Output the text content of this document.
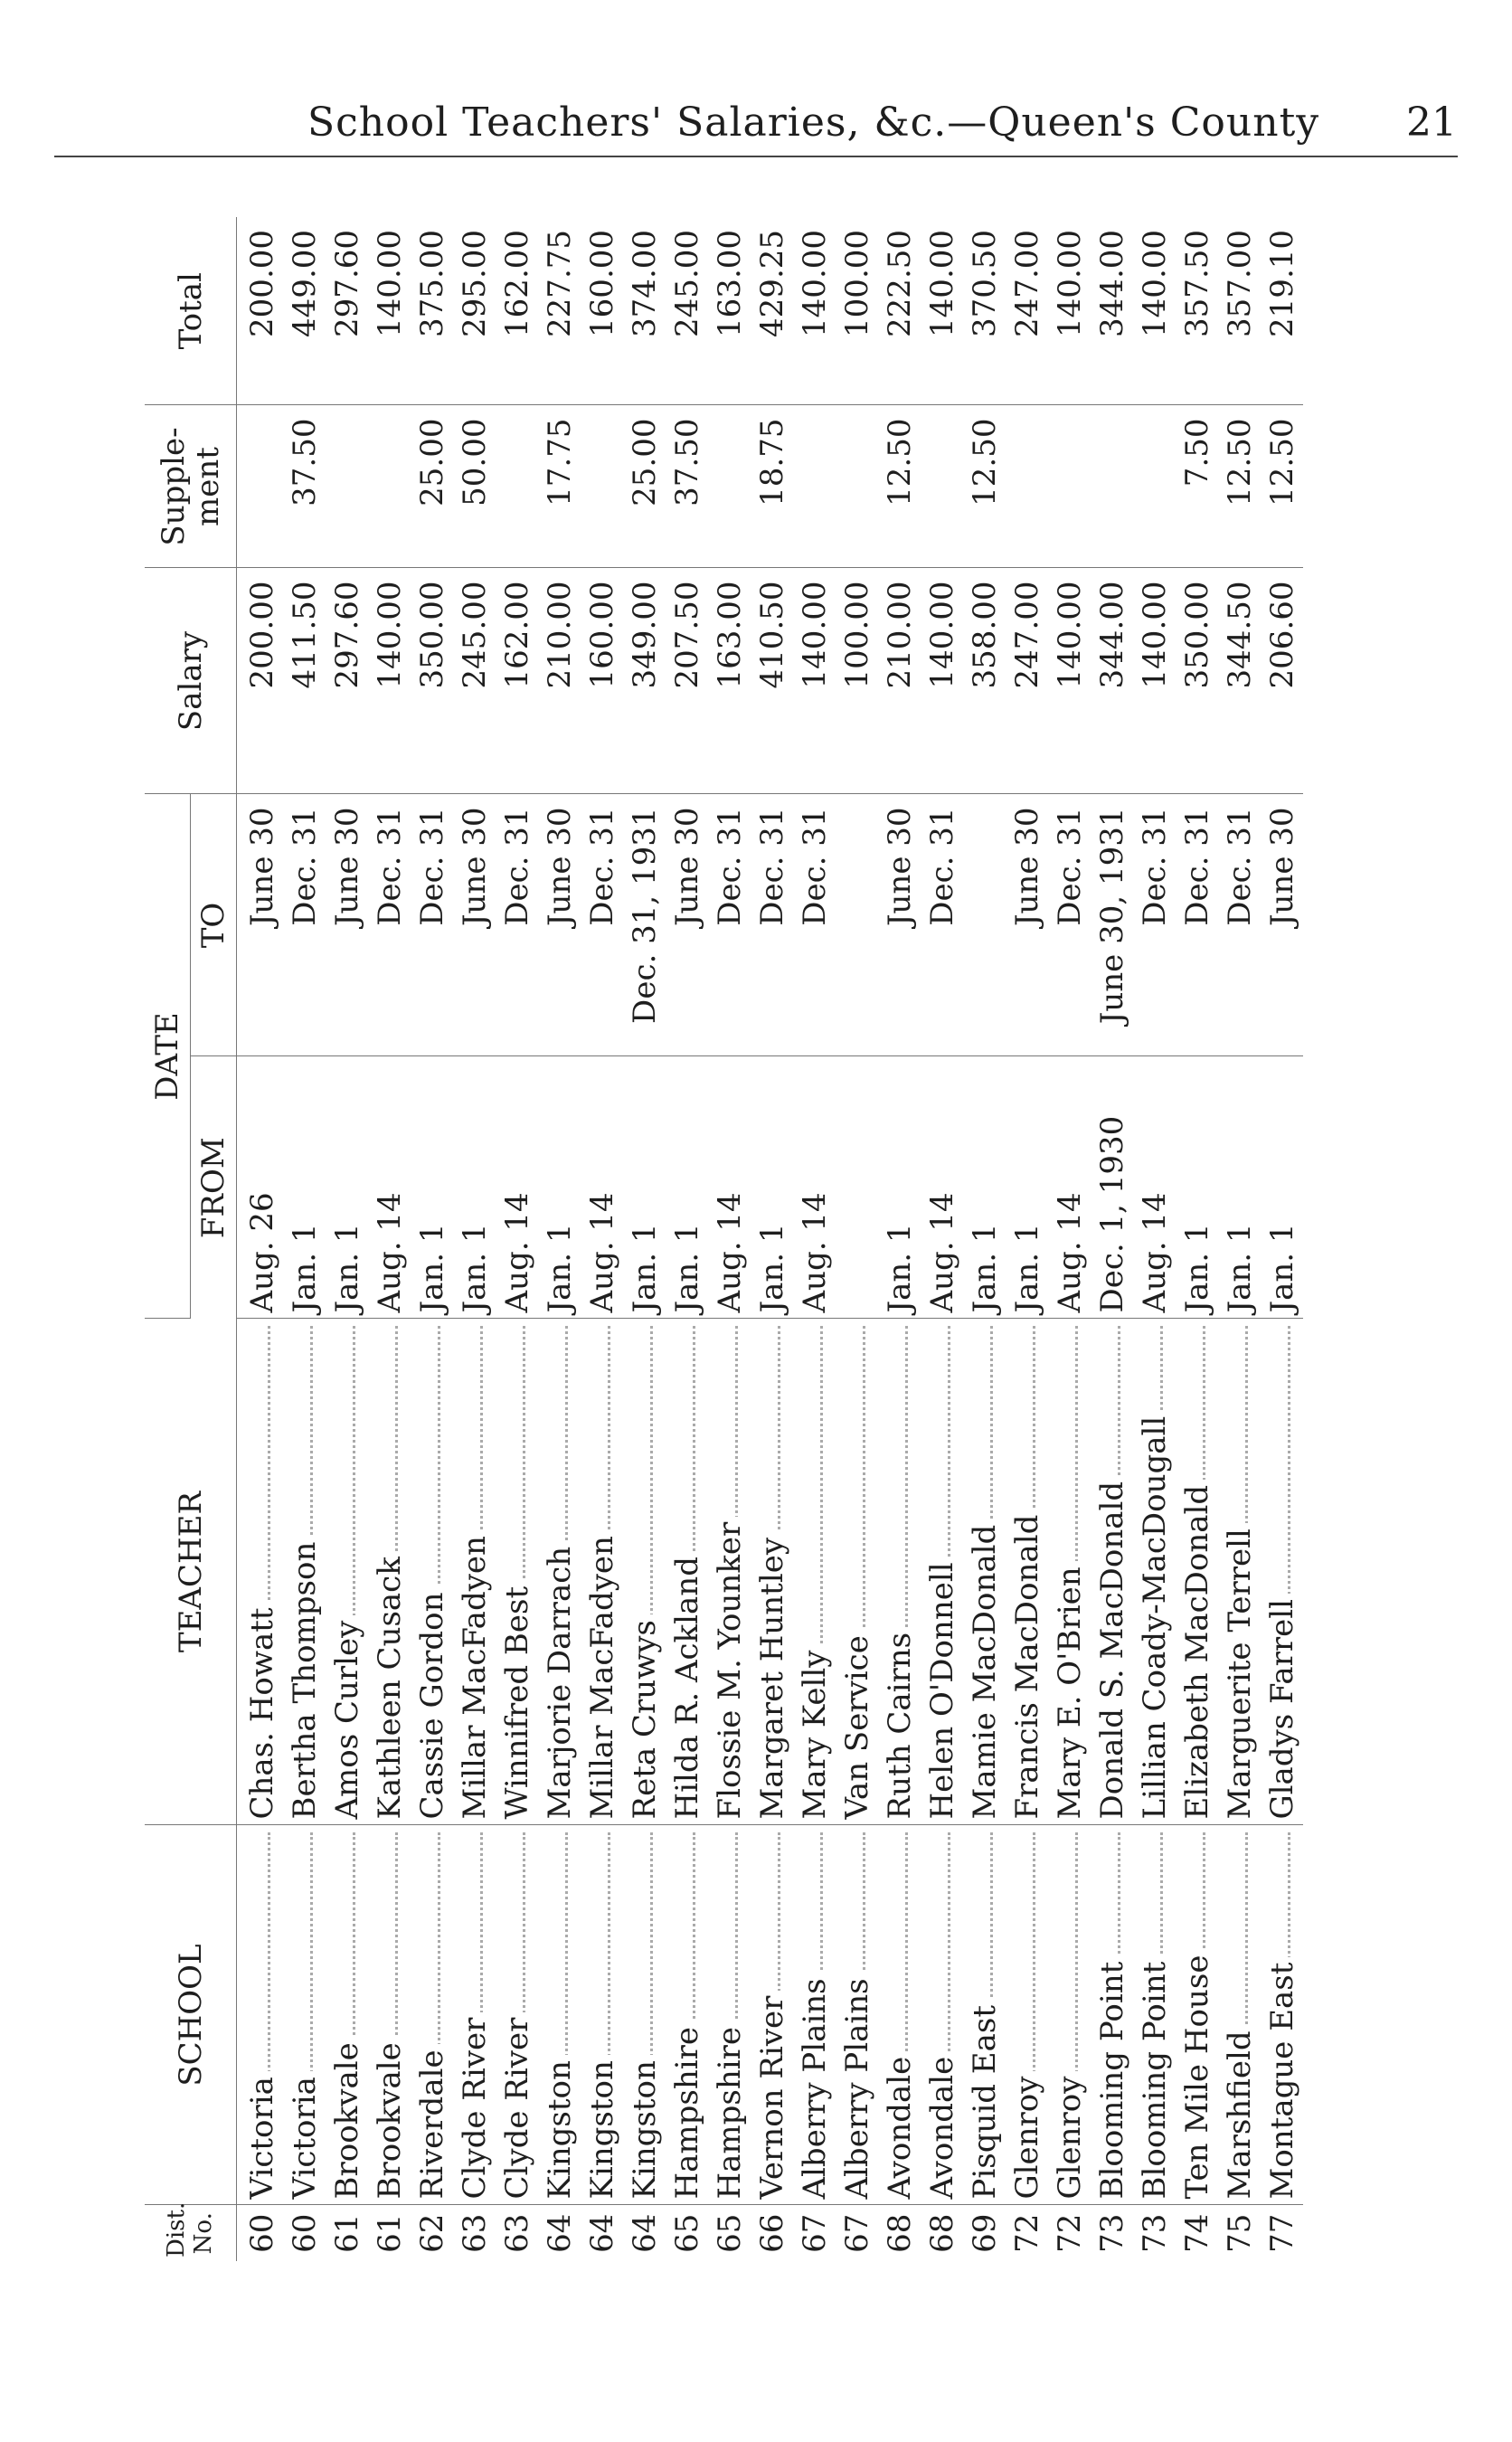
School Teachers' Salaries, &c.—Queen's County 21
Dist. No.	SCHOOL	TEACHER	DATE		Salary	Supple-ment	Total
			FROM	TO			
60	Victoria	Chas. Howatt	Aug. 26	June 30	200.00		200.00
60	Victoria	Bertha Thompson	Jan. 1	Dec. 31	411.50	37.50	449.00
61	Brookvale	Amos Curley	Jan. 1	June 30	297.60		297.60
61	Brookvale	Kathleen Cusack	Aug. 14	Dec. 31	140.00		140.00
62	Riverdale	Cassie Gordon	Jan. 1	Dec. 31	350.00	25.00	375.00
63	Clyde River	Millar MacFadyen	Jan. 1	June 30	245.00	50.00	295.00
63	Clyde River	Winnifred Best	Aug. 14	Dec. 31	162.00		162.00
64	Kingston	Marjorie Darrach	Jan. 1	June 30	210.00	17.75	227.75
64	Kingston	Millar MacFadyen	Aug. 14	Dec. 31	160.00		160.00
64	Kingston	Reta Cruwys	Jan. 1	Dec. 31, 1931	349.00	25.00	374.00
65	Hampshire	Hilda R. Ackland	Jan. 1	June 30	207.50	37.50	245.00
65	Hampshire	Flossie M. Younker	Aug. 14	Dec. 31	163.00		163.00
66	Vernon River	Margaret Huntley	Jan. 1	Dec. 31	410.50	18.75	429.25
67	Alberry Plains	Mary Kelly	Aug. 14	Dec. 31	140.00		140.00
67	Alberry Plains	Van Service			100.00		100.00
68	Avondale	Ruth Cairns	Jan. 1	June 30	210.00	12.50	222.50
68	Avondale	Helen O'Donnell	Aug. 14	Dec. 31	140.00		140.00
69	Pisquid East	Mamie MacDonald	Jan. 1		358.00	12.50	370.50
72	Glenroy	Francis MacDonald	Jan. 1	June 30	247.00		247.00
72	Glenroy	Mary E. O'Brien	Aug. 14	Dec. 31	140.00		140.00
73	Blooming Point	Donald S. MacDonald	Dec. 1, 1930	June 30, 1931	344.00		344.00
73	Blooming Point	Lillian Coady-MacDougall	Aug. 14	Dec. 31	140.00		140.00
74	Ten Mile House	Elizabeth MacDonald	Jan. 1	Dec. 31	350.00	7.50	357.50
75	Marshfield	Marguerite Terrell	Jan. 1	Dec. 31	344.50	12.50	357.00
77	Montague East	Gladys Farrell	Jan. 1	June 30	206.60	12.50	219.10
